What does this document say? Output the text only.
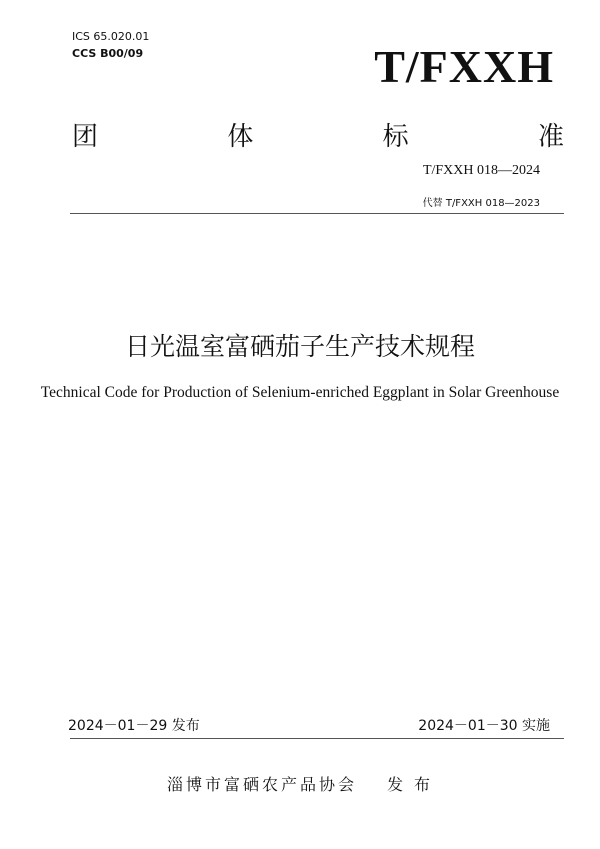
ICS 65.020.01
CCS B00/09	T/FXXH
团	体	标	准
T/FXXH 018—2024
代替 T/FXXH 018—2023
日光温室富硒茄子生产技术规程
Technical Code for Production of Selenium-enriched Eggplant in Solar Greenhouse
2024－01－29 发布	2024－01－30 实施
淄博市富硒农产品协会 发 布
